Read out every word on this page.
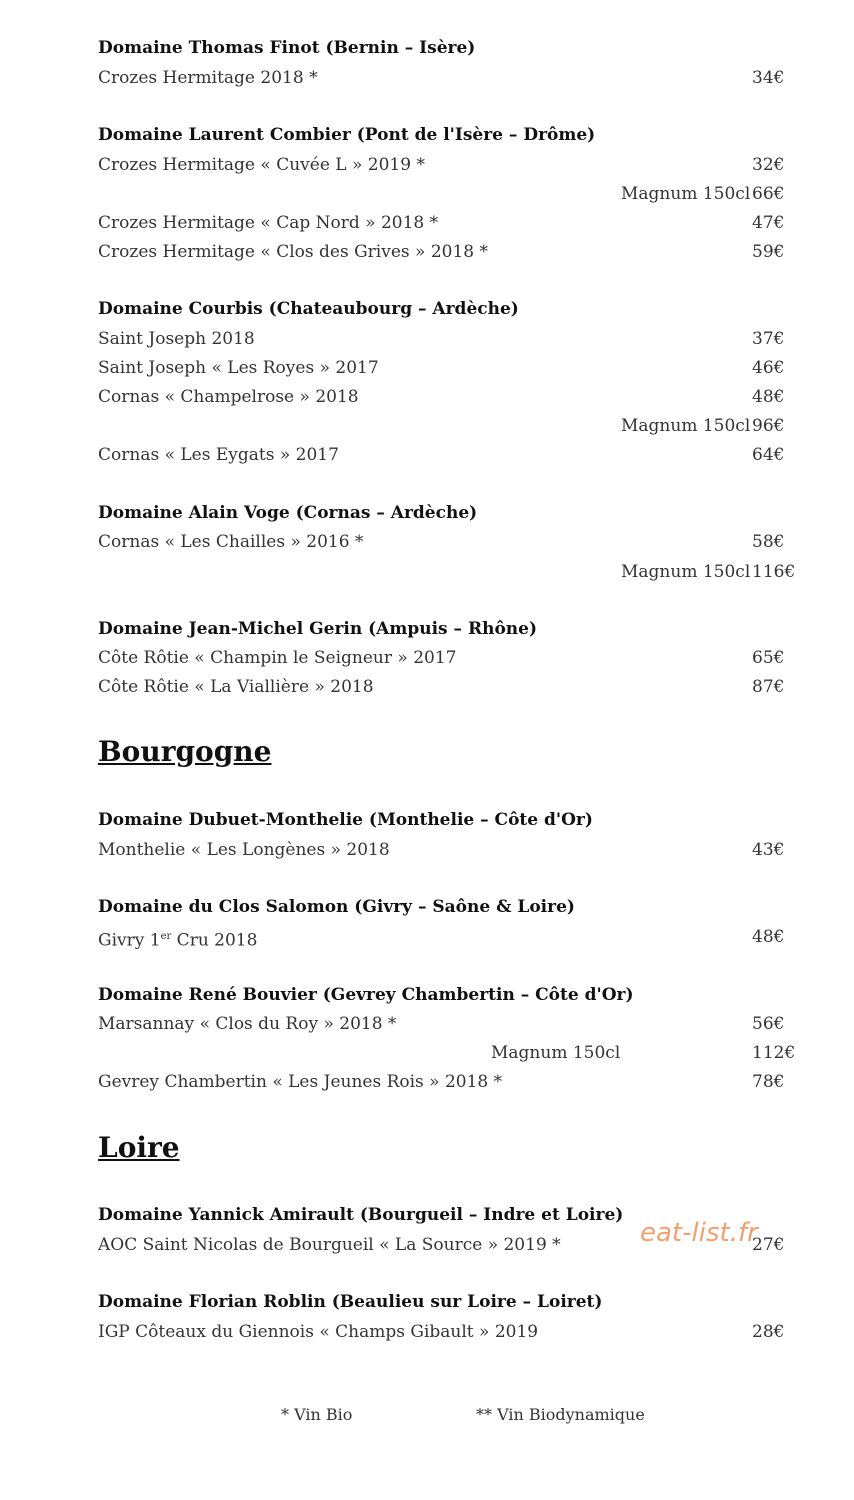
Domaine Thomas Finot (Bernin – Isère)
Crozes Hermitage 2018 *	34€
Domaine Laurent Combier (Pont de l'Isère – Drôme)
Crozes Hermitage « Cuvée L » 2019 *	32€
Magnum 150cl 66€
Crozes Hermitage « Cap Nord » 2018 *	47€
Crozes Hermitage « Clos des Grives » 2018 *	59€
Domaine Courbis (Chateaubourg – Ardèche)
Saint Joseph 2018	37€
Saint Joseph « Les Royes » 2017	46€
Cornas « Champelrose » 2018	48€
Magnum 150cl 96€
Cornas « Les Eygats » 2017	64€
Domaine Alain Voge (Cornas – Ardèche)
Cornas « Les Chailles » 2016 *	58€
Magnum 150cl 116€
Domaine Jean-Michel Gerin (Ampuis – Rhône)
Côte Rôtie « Champin le Seigneur » 2017	65€
Côte Rôtie « La Viallière » 2018	87€
Bourgogne
Domaine Dubuet-Monthelie (Monthelie – Côte d'Or)
Monthelie « Les Longènes » 2018	43€
Domaine du Clos Salomon (Givry – Saône & Loire)
Givry 1er Cru 2018	48€
Domaine René Bouvier (Gevrey Chambertin – Côte d'Or)
Marsannay « Clos du Roy » 2018 *	56€
Magnum 150cl	112€
Gevrey Chambertin « Les Jeunes Rois » 2018 *	78€
Loire
Domaine Yannick Amirault (Bourgueil – Indre et Loire)
AOC Saint Nicolas de Bourgueil « La Source » 2019 *	27€
eat-list.fr
Domaine Florian Roblin (Beaulieu sur Loire – Loiret)
IGP Côteaux du Giennois « Champs Gibault » 2019	28€
* Vin Bio	** Vin Biodynamique
